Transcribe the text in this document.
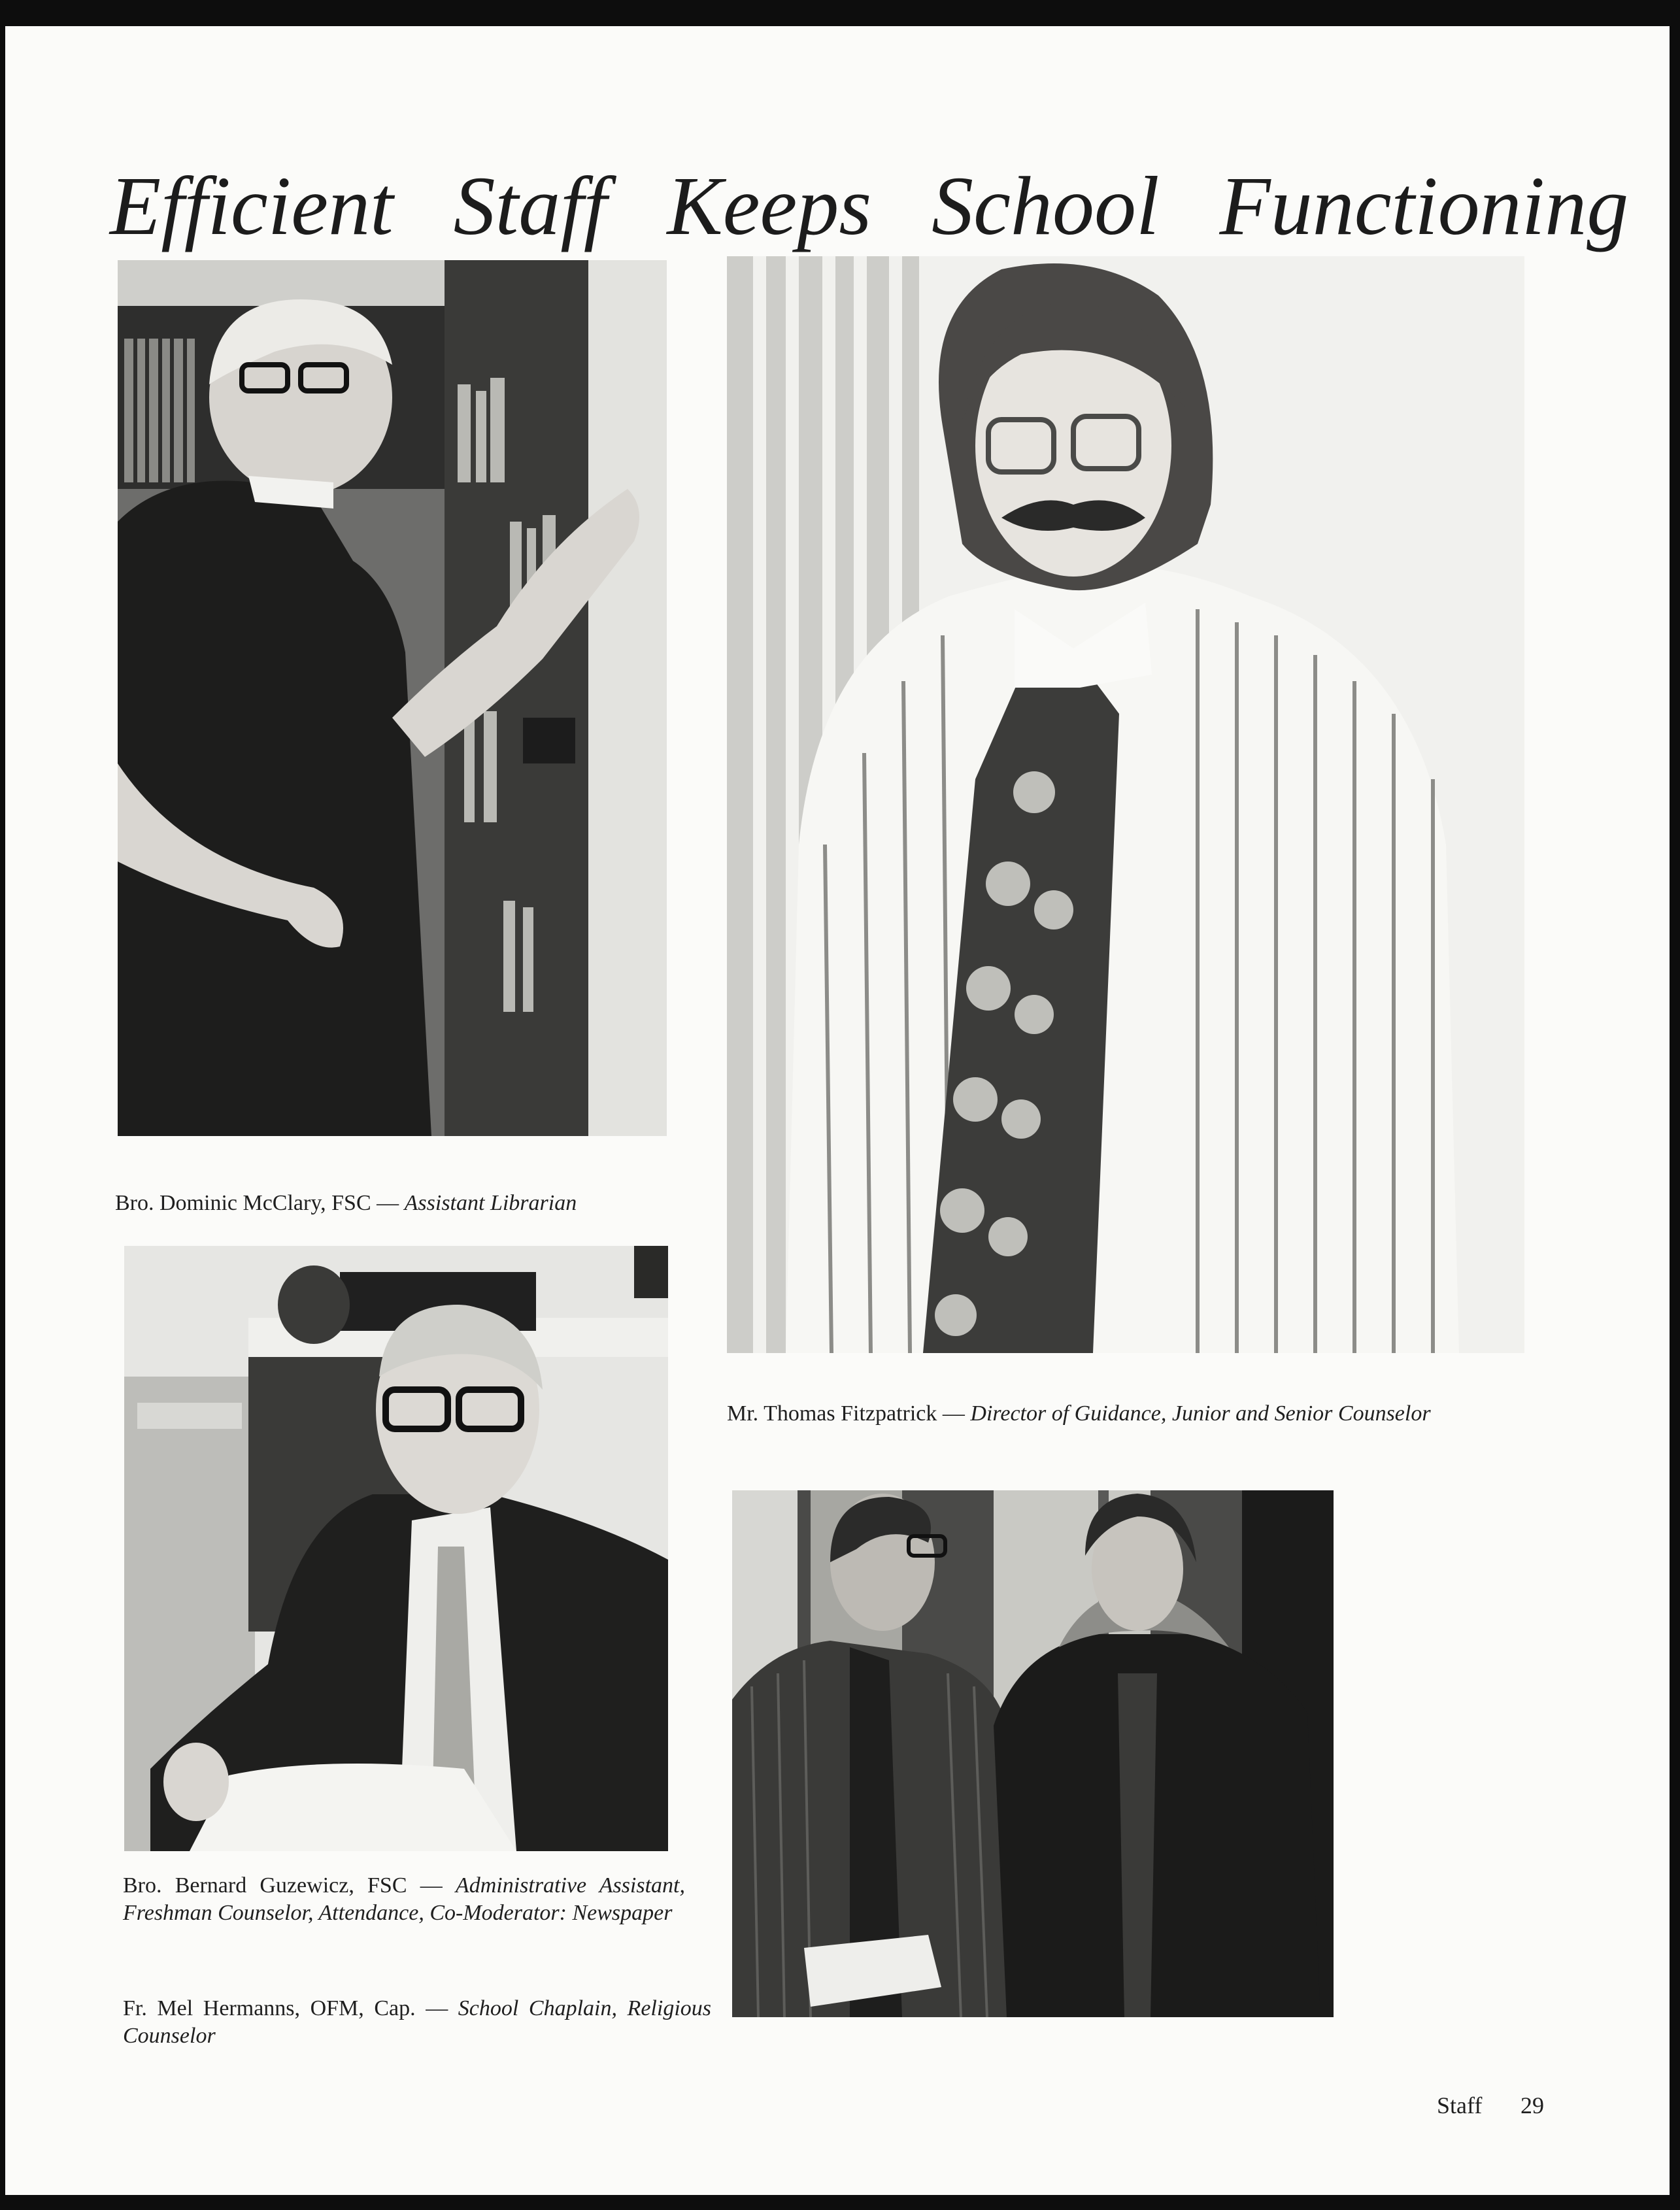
Efficient Staff Keeps School Functioning

Bro. Dominic McClary, FSC — Assistant Librarian

Mr. Thomas Fitzpatrick — Director of Guidance, Junior and Senior Counselor

Bro. Bernard Guzewicz, FSC — Administrative Assistant, Freshman Counselor, Attendance, Co-Moderator: Newspaper

Fr. Mel Hermanns, OFM, Cap. — School Chaplain, Religious Counselor

Staff 29
